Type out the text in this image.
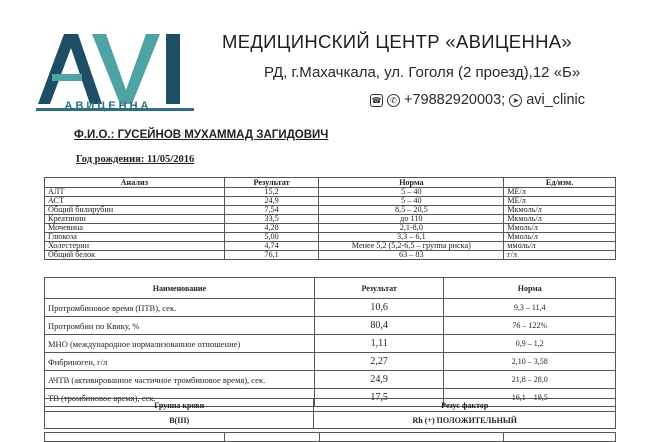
АВИЦЕННА
МЕДИЦИНСКИЙ ЦЕНТР «АВИЦЕННА»
РД, г.Махачкала, ул. Гоголя (2 проезд),12 «Б»
☎	✆ +79882920003; ➤ avi_clinic
Ф.И.О.: ГУСЕЙНОВ МУХАММАД ЗАГИДОВИЧ
Год рождения: 11/05/2016
Анализ	Результат	Норма	Ед/изм.
АЛТ	15,2	5 – 40	МЕ/л
АСТ	24,9	5 – 40	МЕ/л
Общий билирубин	7,54	8,5 – 20,5	Мкмоль/л
Креатинин	33,5	до 110	Мкмоль/л
Мочевина	4,28	2,1-8,0	Ммоль/л
Глюкоза	5,00	3,3 – 6,1	Ммоль/л
Холестерин	4,74	Менее 5,2 (5,2-6,5 – группа риска)	ммоль/л
Общий белок	76,1	63 – 83	г/л
Наименование	Результат	Норма
Протромбиновое время (ПТВ), сек.	10,6	9,3 – 11,4
Протромбин по Квику, %	80,4	76 – 122%
МНО (международное нормализованное отношение)	1,11	0,9 – 1,2
Фибриноген, г/л	2,27	2,10 – 3,58
АЧТВ (активированное частичное тромбиновое время), сек.	24,9	21,8 – 28,0
ТВ (тромбиновое время), сек.	17,5	16,1 – 19,5
Группа крови	Резус фактор
В(III)	Rh (+) ПОЛОЖИТЕЛЬНЫЙ
